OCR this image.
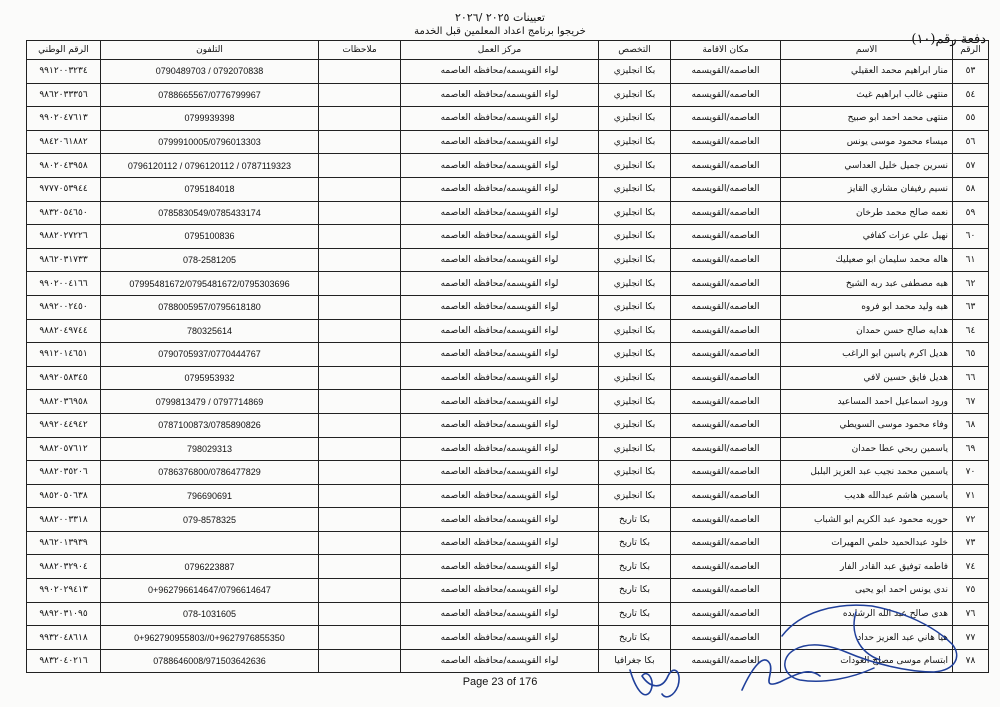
تعيينات ٢٠٢٥ /٢٠٢٦
خريجوا برنامج اعداد المعلمين قبل الخدمة
دفعة رقم(١٠)
الرقم	الاسم	مكان الاقامة	التخصص	مركز العمل	ملاحظات	التلفون	الرقم الوطني
٥٣	منار ابراهيم محمد العقيلي	العاصمه/القويسمه	بكا انجليزي	لواء القويسمه/محافظه العاصمه		0790489703 / 0792070838	٩٩١٢٠٠٣٢٣٤
٥٤	منتهى غالب ابراهيم غيث	العاصمه/القويسمه	بكا انجليزي	لواء القويسمه/محافظه العاصمه		0788665567/0776799967	٩٨٦٢٠٣٣٣٥٦
٥٥	منتهى محمد احمد ابو صبيح	العاصمه/القويسمه	بكا انجليزي	لواء القويسمه/محافظه العاصمه		0799939398	٩٩٠٢٠٤٧٦١٣
٥٦	ميساء محمود موسى يونس	العاصمه/القويسمه	بكا انجليزي	لواء القويسمه/محافظه العاصمه		0799910005/0796013303	٩٨٤٢٠٦١٨٨٢
٥٧	نسرين جميل خليل العداسي	العاصمه/القويسمه	بكا انجليزي	لواء القويسمه/محافظه العاصمه		0796120112 / 0796120112 / 0787119323	٩٨٠٢٠٤٣٩٥٨
٥٨	نسيم رفيفان مشاري القايز	العاصمه/القويسمه	بكا انجليزي	لواء القويسمه/محافظه العاصمه		0795184018	٩٧٧٧٠٥٣٩٤٤
٥٩	نعمه صالح محمد طرخان	العاصمه/القويسمه	بكا انجليزي	لواء القويسمه/محافظه العاصمه		0785830549/0785433174	٩٨٣٢٠٥٤٦٥٠
٦٠	نهيل علي عزات كفافي	العاصمه/القويسمه	بكا انجليزي	لواء القويسمه/محافظه العاصمه		0795100836	٩٨٨٢٠٢٧٢٢٦
٦١	هاله محمد سليمان ابو صعيليك	العاصمه/القويسمه	بكا انجليزي	لواء القويسمه/محافظه العاصمه		078-2581205	٩٨٦٢٠٣١٧٣٣
٦٢	هبه مصطفى عبد ربه الشيخ	العاصمه/القويسمه	بكا انجليزي	لواء القويسمه/محافظه العاصمه		07995481672/0795481672/0795303696	٩٩٠٢٠٠٤١٦٦
٦٣	هبه وليد محمد ابو فروه	العاصمه/القويسمه	بكا انجليزي	لواء القويسمه/محافظه العاصمه		0788005957/0795618180	٩٨٩٢٠٠٢٤٥٠
٦٤	هدايه صالح حسن حمدان	العاصمه/القويسمه	بكا انجليزي	لواء القويسمه/محافظه العاصمه		780325614	٩٨٨٢٠٤٩٧٤٤
٦٥	هديل اكرم ياسين ابو الراغب	العاصمه/القويسمه	بكا انجليزي	لواء القويسمه/محافظه العاصمه		0790705937/0770444767	٩٩١٢٠١٤٦٥١
٦٦	هديل فايق حسين لافي	العاصمه/القويسمه	بكا انجليزي	لواء القويسمه/محافظه العاصمه		0795953932	٩٨٩٢٠٥٨٣٤٥
٦٧	ورود اسماعيل احمد المساعيد	العاصمه/القويسمه	بكا انجليزي	لواء القويسمه/محافظه العاصمه		0799813479 / 0797714869	٩٨٨٢٠٣٦٩٥٨
٦٨	وفاء محمود موسى السويطي	العاصمه/القويسمه	بكا انجليزي	لواء القويسمه/محافظه العاصمه		0787100873/0785890826	٩٨٩٢٠٤٤٩٤٢
٦٩	ياسمين ربحي عطا حمدان	العاصمه/القويسمه	بكا انجليزي	لواء القويسمه/محافظه العاصمه		798029313	٩٨٨٢٠٥٧٦١٢
٧٠	ياسمين محمد نجيب عبد العزيز البلبل	العاصمه/القويسمه	بكا انجليزي	لواء القويسمه/محافظه العاصمه		0786376800/0786477829	٩٨٨٢٠٣٥٢٠٦
٧١	ياسمين هاشم عبدالله هديب	العاصمه/القويسمه	بكا انجليزي	لواء القويسمه/محافظه العاصمه		796690691	٩٨٥٢٠٥٠٦٣٨
٧٢	حوريه محمود عبد الكريم ابو الشباب	العاصمه/القويسمه	بكا تاريخ	لواء القويسمه/محافظه العاصمه		079-8578325	٩٨٨٢٠٠٣٣١٨
٧٣	خلود عبدالحميد حلمي المهيرات	العاصمه/القويسمه	بكا تاريخ	لواء القويسمه/محافظه العاصمه			٩٨٦٢٠١٣٩٣٩
٧٤	فاطمه توفيق عبد القادر الفار	العاصمه/القويسمه	بكا تاريخ	لواء القويسمه/محافظه العاصمه		0796223887	٩٨٨٢٠٣٢٩٠٤
٧٥	ندى يونس احمد ابو يحيى	العاصمه/القويسمه	بكا تاريخ	لواء القويسمه/محافظه العاصمه		0+962796614647/0796614647	٩٩٠٢٠٢٩٤١٣
٧٦	هدى صالح عبد الله الرشايده	العاصمه/القويسمه	بكا تاريخ	لواء القويسمه/محافظه العاصمه		078-1031605	٩٨٩٢٠٣١٠٩٥
٧٧	هيا هاني عبد العزيز حداد	العاصمه/القويسمه	بكا تاريخ	لواء القويسمه/محافظه العاصمه		0+962790955803//0+9627976855350	٩٩٣٢٠٤٨٦١٨
٧٨	ابتسام موسى مصلح العودات	العاصمه/القويسمه	بكا جغرافيا	لواء القويسمه/محافظه العاصمه		0788646008/971503642636	٩٨٣٢٠٤٠٢١٦
Page 23 of 176
